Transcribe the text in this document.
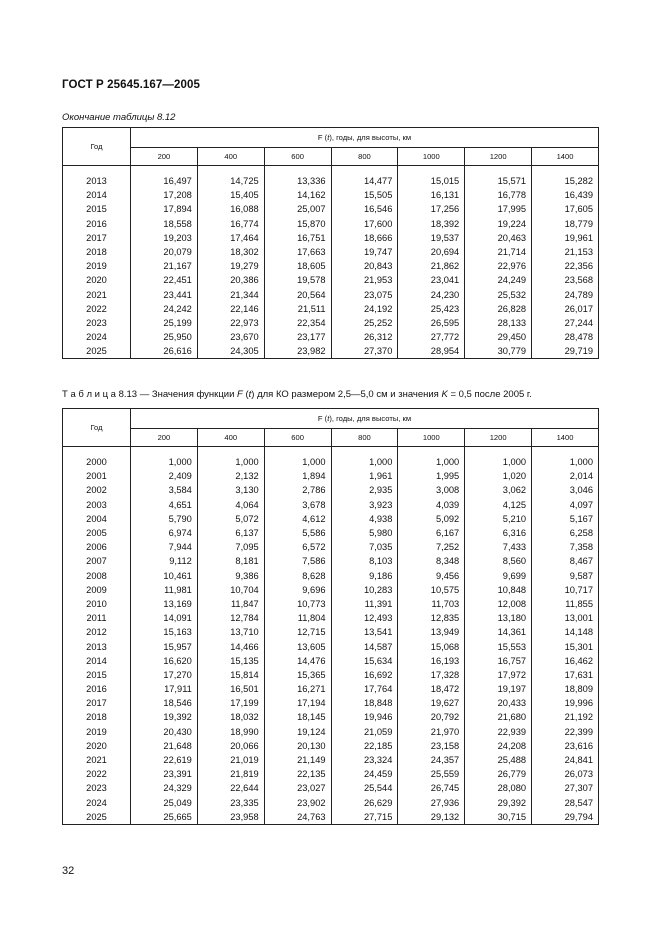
ГОСТ Р 25645.167—2005
Окончание таблицы 8.12
Год	F (t), годы, для высоты, км						
	200	400	600	800	1000	1200	1400

2013	16,497	14,725	13,336	14,477	15,015	15,571	15,282
2014	17,208	15,405	14,162	15,505	16,131	16,778	16,439
2015	17,894	16,088	25,007	16,546	17,256	17,995	17,605
2016	18,558	16,774	15,870	17,600	18,392	19,224	18,779
2017	19,203	17,464	16,751	18,666	19,537	20,463	19,961
2018	20,079	18,302	17,663	19,747	20,694	21,714	21,153
2019	21,167	19,279	18,605	20,843	21,862	22,976	22,356
2020	22,451	20,386	19,578	21,953	23,041	24,249	23,568
2021	23,441	21,344	20,564	23,075	24,230	25,532	24,789
2022	24,242	22,146	21,511	24,192	25,423	26,828	26,017
2023	25,199	22,973	22,354	25,252	26,595	28,133	27,244
2024	25,950	23,670	23,177	26,312	27,772	29,450	28,478
2025	26,616	24,305	23,982	27,370	28,954	30,779	29,719
Т а б л и ц а 8.13 — Значения функции F (t) для КО размером 2,5—5,0 см и значения K = 0,5 после 2005 г.
Год	F (t), годы, для высоты, км						
	200	400	600	800	1000	1200	1400

2000	1,000	1,000	1,000	1,000	1,000	1,000	1,000
2001	2,409	2,132	1,894	1,961	1,995	1,020	2,014
2002	3,584	3,130	2,786	2,935	3,008	3,062	3,046
2003	4,651	4,064	3,678	3,923	4,039	4,125	4,097
2004	5,790	5,072	4,612	4,938	5,092	5,210	5,167
2005	6,974	6,137	5,586	5,980	6,167	6,316	6,258
2006	7,944	7,095	6,572	7,035	7,252	7,433	7,358
2007	9,112	8,181	7,586	8,103	8,348	8,560	8,467
2008	10,461	9,386	8,628	9,186	9,456	9,699	9,587
2009	11,981	10,704	9,696	10,283	10,575	10,848	10,717
2010	13,169	11,847	10,773	11,391	11,703	12,008	11,855
2011	14,091	12,784	11,804	12,493	12,835	13,180	13,001
2012	15,163	13,710	12,715	13,541	13,949	14,361	14,148
2013	15,957	14,466	13,605	14,587	15,068	15,553	15,301
2014	16,620	15,135	14,476	15,634	16,193	16,757	16,462
2015	17,270	15,814	15,365	16,692	17,328	17,972	17,631
2016	17,911	16,501	16,271	17,764	18,472	19,197	18,809
2017	18,546	17,199	17,194	18,848	19,627	20,433	19,996
2018	19,392	18,032	18,145	19,946	20,792	21,680	21,192
2019	20,430	18,990	19,124	21,059	21,970	22,939	22,399
2020	21,648	20,066	20,130	22,185	23,158	24,208	23,616
2021	22,619	21,019	21,149	23,324	24,357	25,488	24,841
2022	23,391	21,819	22,135	24,459	25,559	26,779	26,073
2023	24,329	22,644	23,027	25,544	26,745	28,080	27,307
2024	25,049	23,335	23,902	26,629	27,936	29,392	28,547
2025	25,665	23,958	24,763	27,715	29,132	30,715	29,794
32
